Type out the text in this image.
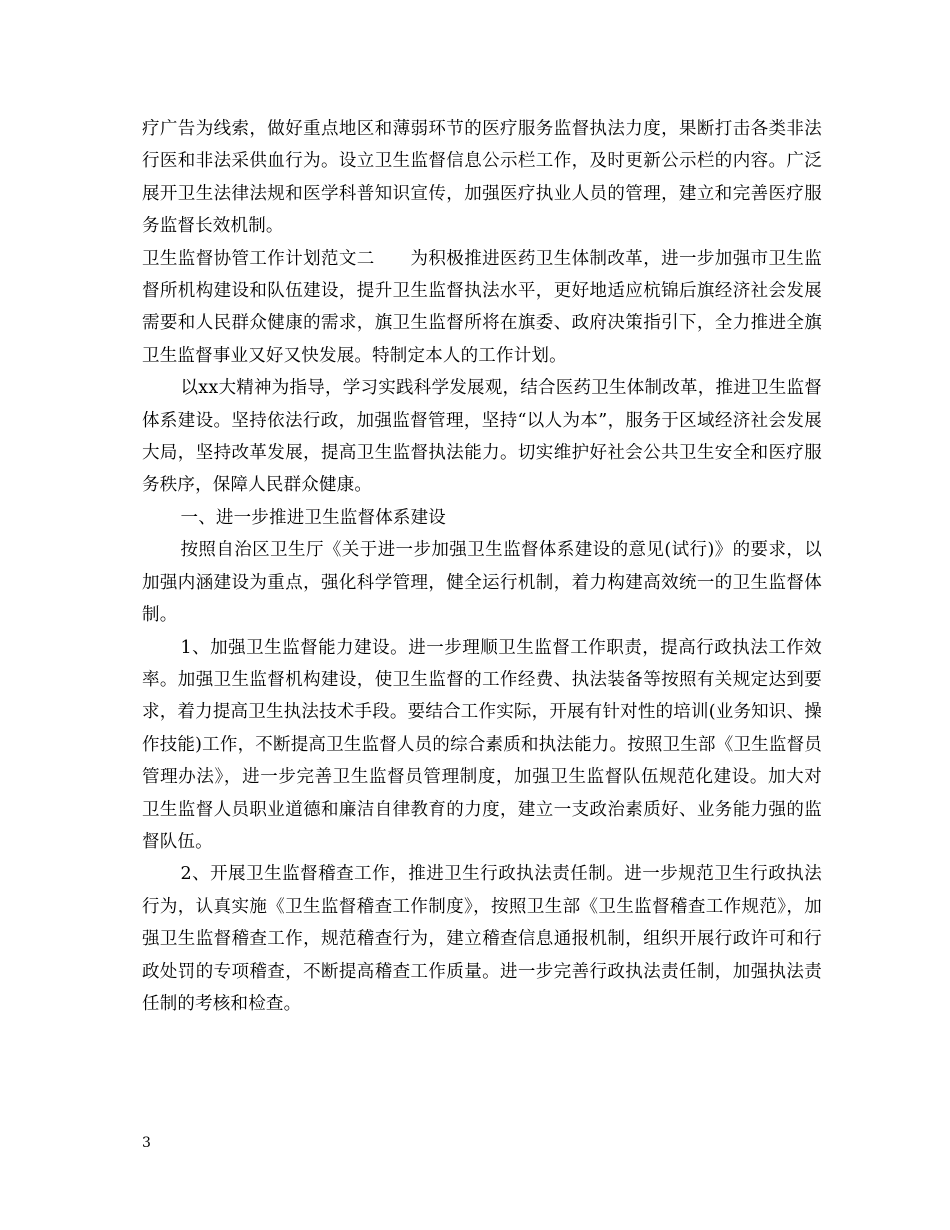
疗广告为线索，做好重点地区和薄弱环节的医疗服务监督执法力度，果断打击各类非法行医和非法采供血行为。设立卫生监督信息公示栏工作，及时更新公示栏的内容。广泛展开卫生法律法规和医学科普知识宣传，加强医疗执业人员的管理，建立和完善医疗服务监督长效机制。

卫生监督协管工作计划范文二　　为积极推进医药卫生体制改革，进一步加强市卫生监督所机构建设和队伍建设，提升卫生监督执法水平，更好地适应杭锦后旗经济社会发展需要和人民群众健康的需求，旗卫生监督所将在旗委、政府决策指引下，全力推进全旗卫生监督事业又好又快发展。特制定本人的工作计划。

以xx大精神为指导，学习实践科学发展观，结合医药卫生体制改革，推进卫生监督体系建设。坚持依法行政，加强监督管理，坚持“以人为本”，服务于区域经济社会发展大局，坚持改革发展，提高卫生监督执法能力。切实维护好社会公共卫生安全和医疗服务秩序，保障人民群众健康。

一、进一步推进卫生监督体系建设

按照自治区卫生厅《关于进一步加强卫生监督体系建设的意见(试行)》的要求，以加强内涵建设为重点，强化科学管理，健全运行机制，着力构建高效统一的卫生监督体制。

1、加强卫生监督能力建设。进一步理顺卫生监督工作职责，提高行政执法工作效率。加强卫生监督机构建设，使卫生监督的工作经费、执法装备等按照有关规定达到要求，着力提高卫生执法技术手段。要结合工作实际，开展有针对性的培训(业务知识、操作技能)工作，不断提高卫生监督人员的综合素质和执法能力。按照卫生部《卫生监督员管理办法》，进一步完善卫生监督员管理制度，加强卫生监督队伍规范化建设。加大对卫生监督人员职业道德和廉洁自律教育的力度，建立一支政治素质好、业务能力强的监督队伍。

2、开展卫生监督稽查工作，推进卫生行政执法责任制。进一步规范卫生行政执法行为，认真实施《卫生监督稽查工作制度》，按照卫生部《卫生监督稽查工作规范》，加强卫生监督稽查工作，规范稽查行为，建立稽查信息通报机制，组织开展行政许可和行政处罚的专项稽查，不断提高稽查工作质量。进一步完善行政执法责任制，加强执法责任制的考核和检查。

3
